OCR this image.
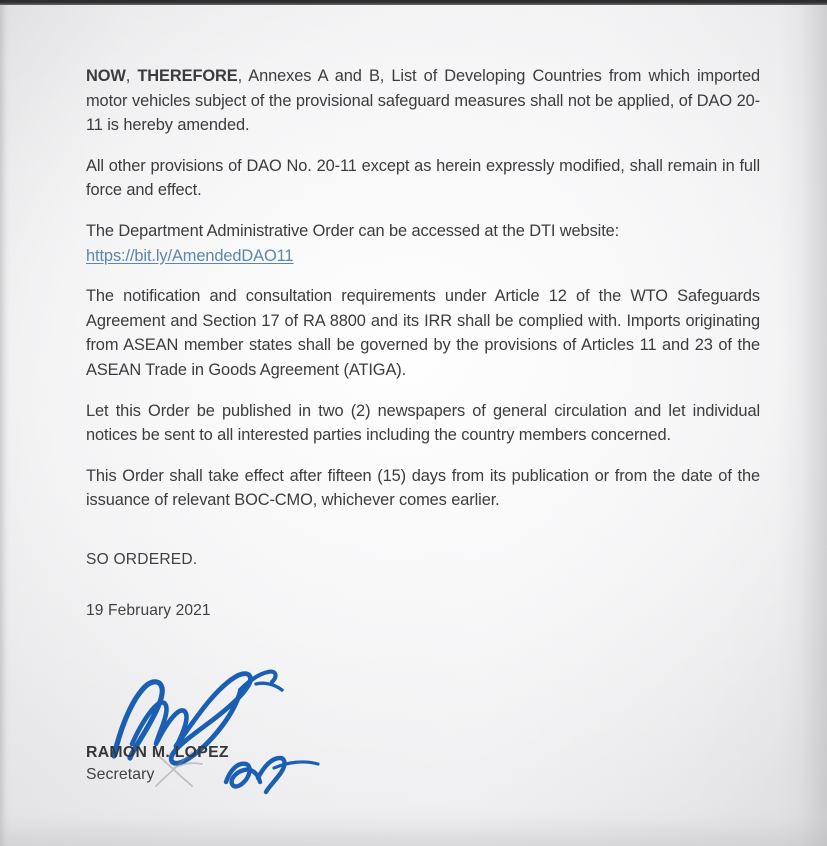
NOW, THEREFORE, Annexes A and B, List of Developing Countries from which imported motor vehicles subject of the provisional safeguard measures shall not be applied, of DAO 20-11 is hereby amended.

All other provisions of DAO No. 20-11 except as herein expressly modified, shall remain in full force and effect.

The Department Administrative Order can be accessed at the DTI website:

https://bit.ly/AmendedDAO11

The notification and consultation requirements under Article 12 of the WTO Safeguards Agreement and Section 17 of RA 8800 and its IRR shall be complied with. Imports originating from ASEAN member states shall be governed by the provisions of Articles 11 and 23 of the ASEAN Trade in Goods Agreement (ATIGA).

Let this Order be published in two (2) newspapers of general circulation and let individual notices be sent to all interested parties including the country members concerned.

This Order shall take effect after fifteen (15) days from its publication or from the date of the issuance of relevant BOC-CMO, whichever comes earlier.

SO ORDERED.
19 February 2021
RAMON M. LOPEZ
Secretary
